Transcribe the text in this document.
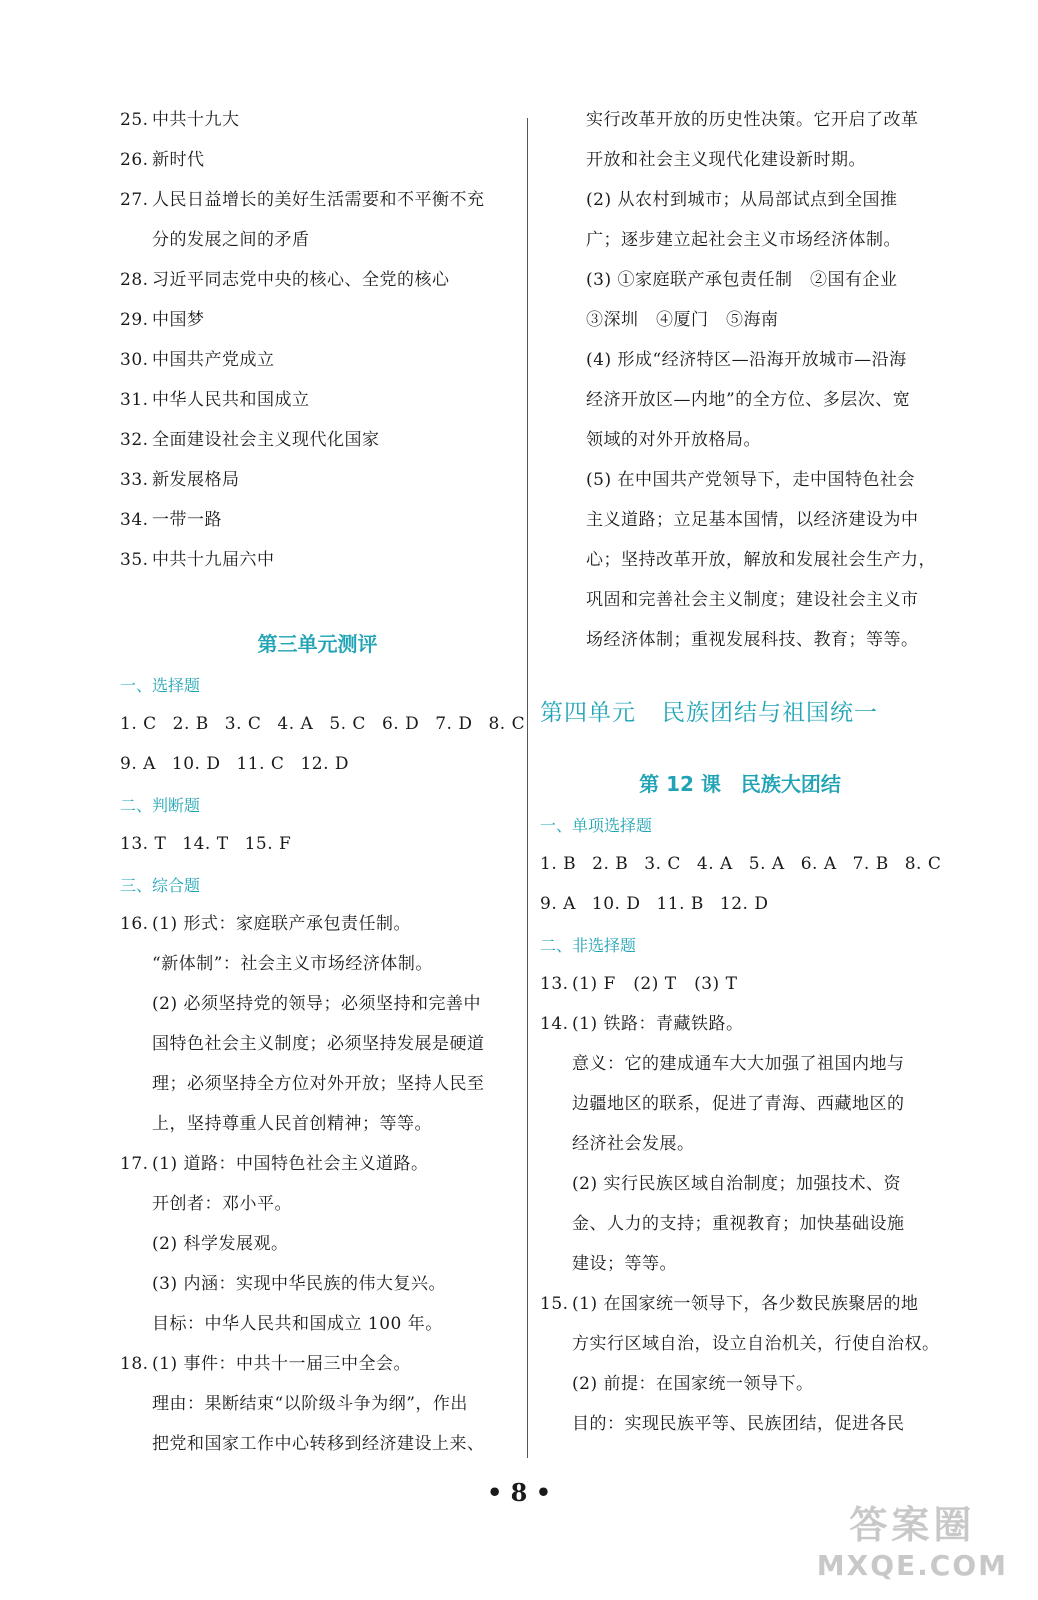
25. 中共十九大
26. 新时代
27. 人民日益增长的美好生活需要和不平衡不充
分的发展之间的矛盾
28. 习近平同志党中央的核心、全党的核心
29. 中国梦
30. 中国共产党成立
31. 中华人民共和国成立
32. 全面建设社会主义现代化国家
33. 新发展格局
34. 一带一路
35. 中共十九届六中
第三单元测评
一、选择题
1. C 2. B 3. C 4. A 5. C 6. D 7. D 8. C
9. A 10. D 11. C 12. D
二、判断题
13. T 14. T 15. F
三、综合题
16. (1) 形式：家庭联产承包责任制。
“新体制”：社会主义市场经济体制。
(2) 必须坚持党的领导；必须坚持和完善中
国特色社会主义制度；必须坚持发展是硬道
理；必须坚持全方位对外开放；坚持人民至
上，坚持尊重人民首创精神；等等。
17. (1) 道路：中国特色社会主义道路。
开创者：邓小平。
(2) 科学发展观。
(3) 内涵：实现中华民族的伟大复兴。
目标：中华人民共和国成立 100 年。
18. (1) 事件：中共十一届三中全会。
理由：果断结束“以阶级斗争为纲”，作出
把党和国家工作中心转移到经济建设上来、
实行改革开放的历史性决策。它开启了改革
开放和社会主义现代化建设新时期。
(2) 从农村到城市；从局部试点到全国推
广；逐步建立起社会主义市场经济体制。
(3) ①家庭联产承包责任制　②国有企业
③深圳　④厦门　⑤海南
(4) 形成“经济特区—沿海开放城市—沿海
经济开放区—内地”的全方位、多层次、宽
领域的对外开放格局。
(5) 在中国共产党领导下，走中国特色社会
主义道路；立足基本国情，以经济建设为中
心；坚持改革开放，解放和发展社会生产力，
巩固和完善社会主义制度；建设社会主义市
场经济体制；重视发展科技、教育；等等。
第四单元 民族团结与祖国统一
第 12 课　民族大团结
一、单项选择题
1. B 2. B 3. C 4. A 5. A 6. A 7. B 8. C
9. A 10. D 11. B 12. D
二、非选择题
13. (1) F　(2) T　(3) T
14. (1) 铁路：青藏铁路。
意义：它的建成通车大大加强了祖国内地与
边疆地区的联系，促进了青海、西藏地区的
经济社会发展。
(2) 实行民族区域自治制度；加强技术、资
金、人力的支持；重视教育；加快基础设施
建设；等等。
15. (1) 在国家统一领导下，各少数民族聚居的地
方实行区域自治，设立自治机关，行使自治权。
(2) 前提：在国家统一领导下。
目的：实现民族平等、民族团结，促进各民
• 8 •
答案圈
MXQE.COM
